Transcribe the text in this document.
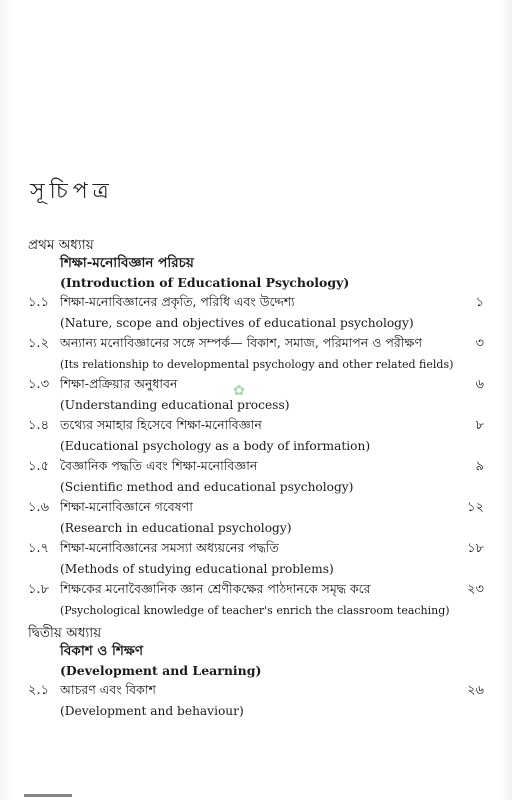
সূচিপত্র
প্রথম অধ্যায়
শিক্ষা-মনোবিজ্ঞান পরিচয়
(Introduction of Educational Psychology)
১.১ শিক্ষা-মনোবিজ্ঞানের প্রকৃতি, পরিধি এবং উদ্দেশ্য	১
(Nature, scope and objectives of educational psychology)
১.২ অন্যান্য মনোবিজ্ঞানের সঙ্গে সম্পর্ক— বিকাশ, সমাজ, পরিমাপন ও পরীক্ষণ	৩
(Its relationship to developmental psychology and other related fields)
১.৩ শিক্ষা-প্রক্রিয়ার অনুধাবন	৬
(Understanding educational process)
১.৪ তথ্যের সমাহার হিসেবে শিক্ষা-মনোবিজ্ঞান	৮
(Educational psychology as a body of information)
১.৫ বৈজ্ঞানিক পদ্ধতি এবং শিক্ষা-মনোবিজ্ঞান	৯
(Scientific method and educational psychology)
১.৬ শিক্ষা-মনোবিজ্ঞানে গবেষণা	১২
(Research in educational psychology)
১.৭ শিক্ষা-মনোবিজ্ঞানের সমস্যা অধ্যয়নের পদ্ধতি	১৮
(Methods of studying educational problems)
১.৮ শিক্ষকের মনোবৈজ্ঞানিক জ্ঞান শ্রেণীকক্ষের পাঠদানকে সমৃদ্ধ করে	২৩
(Psychological knowledge of teacher's enrich the classroom teaching)
দ্বিতীয় অধ্যায়
বিকাশ ও শিক্ষণ
(Development and Learning)
২.১ আচরণ এবং বিকাশ	২৬
(Development and behaviour)
✿
